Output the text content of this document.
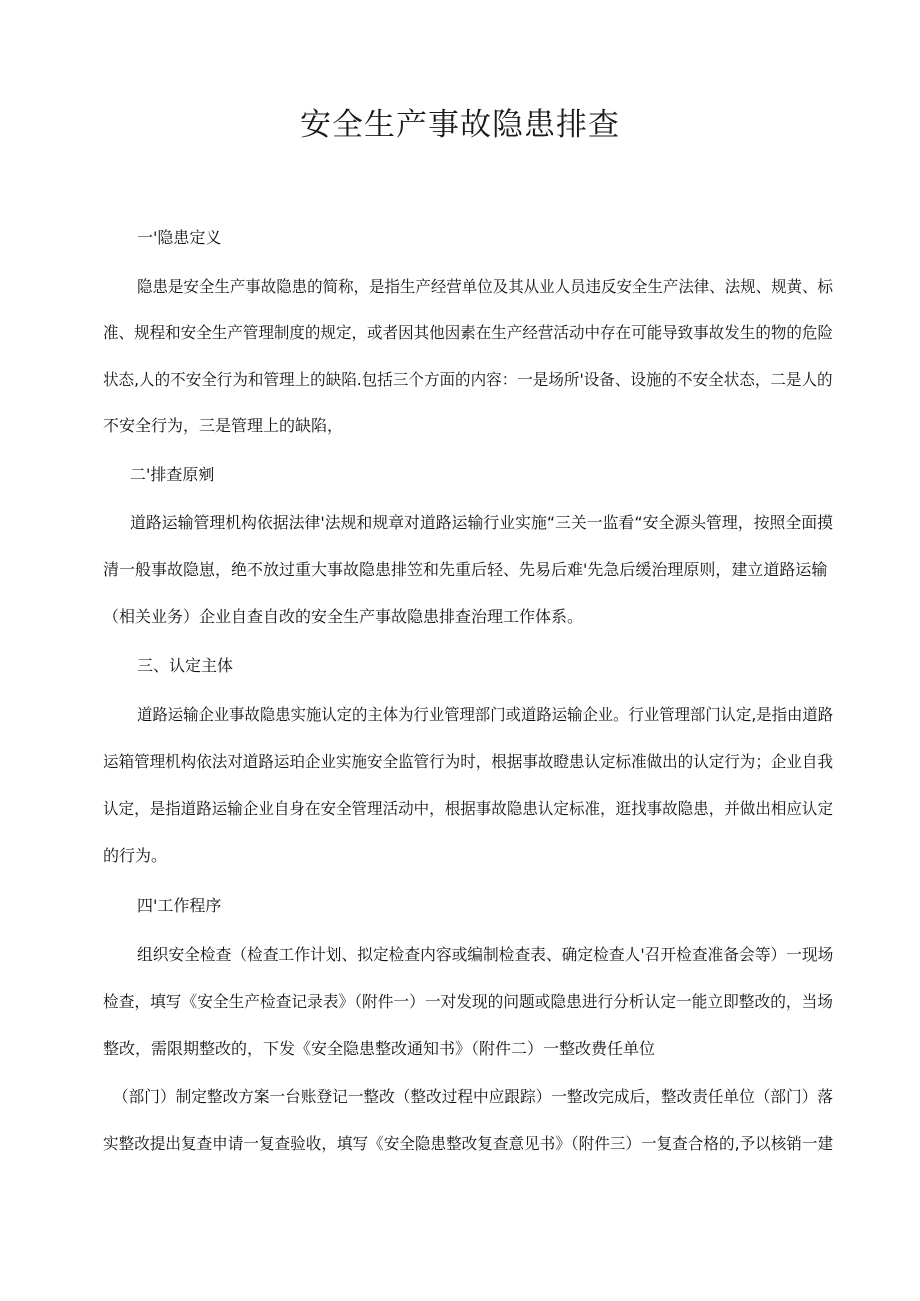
安全生产事故隐患排查

一'隐患定义

隐患是安全生产事故隐患的简称，是指生产经营单位及其从业人员违反安全生产法律、法规、规黄、标

准、规程和安全生产管理制度的规定，或者因其他因素在生产经营活动中存在可能导致事故发生的物的危险

状态,人的不安全行为和管理上的缺陷.包括三个方面的内容：一是场所'设备、设施的不安全状态，二是人的

不安全行为，三是管理上的缺陷，

二'排查原剜

道路运输管理机构依据法律'法规和规章对道路运输行业实施“三关一监看“安全源头管理，按照全面摸

清一般事故隐崽，绝不放过重大事故隐患排笠和先重后轻、先易后难'先急后缓治理原则，建立道路运输

（相关业务）企业自查自改的安全生产事故隐患排查治理工作体系。

三、认定主体

道路运输企业事故隐患实施认定的主体为行业管理部门或道路运输企业。行业管理部门认定,是指由道路

运箱管理机构依法对道路运珀企业实施安全监管行为时，根据事故瞪患认定标准做出的认定行为；企业自我

认定，是指道路运输企业自身在安全管理活动中，根据事故隐患认定标准，逛找事故隐患，并做出相应认定

的行为。

四'工作程序

组织安全检查（检查工作计划、拟定检查内容或编制检查表、确定检查人'召开检查准备会等）一现场

检查，填写《安全生产检查记录表》（附件一）一对发现的问题或隐患进行分析认定一能立即整改的，当场

整改，需限期整改的，下发《安全隐患整改通知书》（附件二）一整改费任单位

（部门）制定整改方案一台账登记一整改（整改过程中应跟踪）一整改完成后，整改责任单位（部门）落

实整改提出复查申请一复查验收，填写《安全隐患整改复查意见书》（附件三）一复查合格的,予以核销一建
